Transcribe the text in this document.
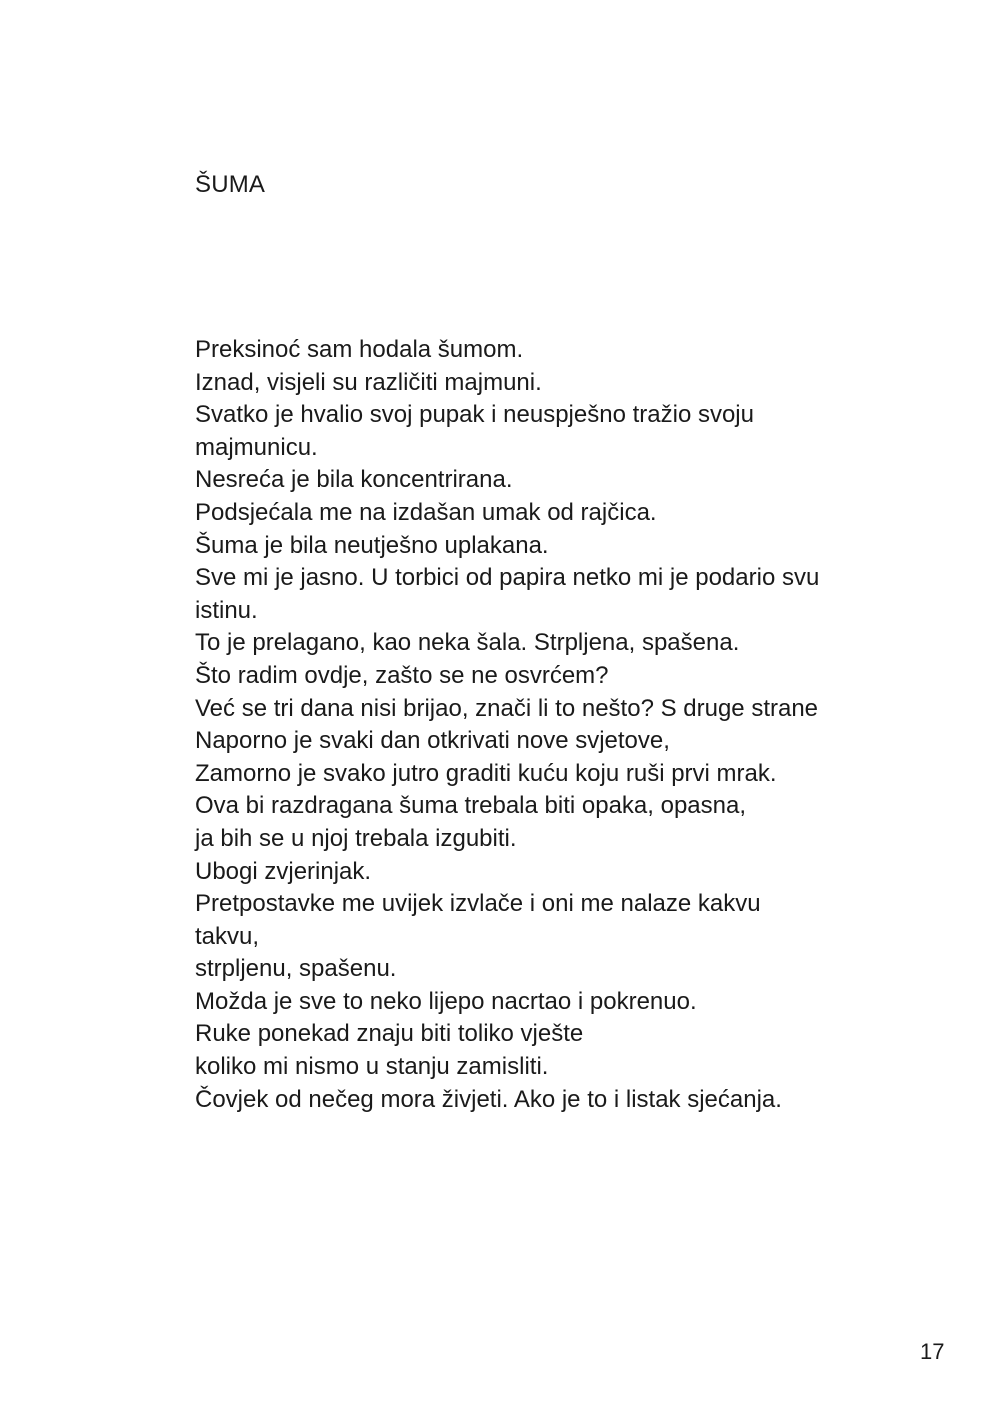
ŠUMA
Preksinoć sam hodala šumom.
Iznad, visjeli su različiti majmuni.
Svatko je hvalio svoj pupak i neuspješno tražio svoju
majmunicu.
Nesreća je bila koncentrirana.
Podsjećala me na izdašan umak od rajčica.
Šuma je bila neutješno uplakana.
Sve mi je jasno. U torbici od papira netko mi je podario svu
istinu.
To je prelagano, kao neka šala. Strpljena, spašena.
Što radim ovdje, zašto se ne osvrćem?
Već se tri dana nisi brijao, znači li to nešto? S druge strane
Naporno je svaki dan otkrivati nove svjetove,
Zamorno je svako jutro graditi kuću koju ruši prvi mrak.
Ova bi razdragana šuma trebala biti opaka, opasna,
ja bih se u njoj trebala izgubiti.
Ubogi zvjerinjak.
Pretpostavke me uvijek izvlače i oni me nalaze kakvu
takvu,
strpljenu, spašenu.
Možda je sve to neko lijepo nacrtao i pokrenuo.
Ruke ponekad znaju biti toliko vješte
koliko mi nismo u stanju zamisliti.
Čovjek od nečeg mora živjeti. Ako je to i listak sjećanja.
17
